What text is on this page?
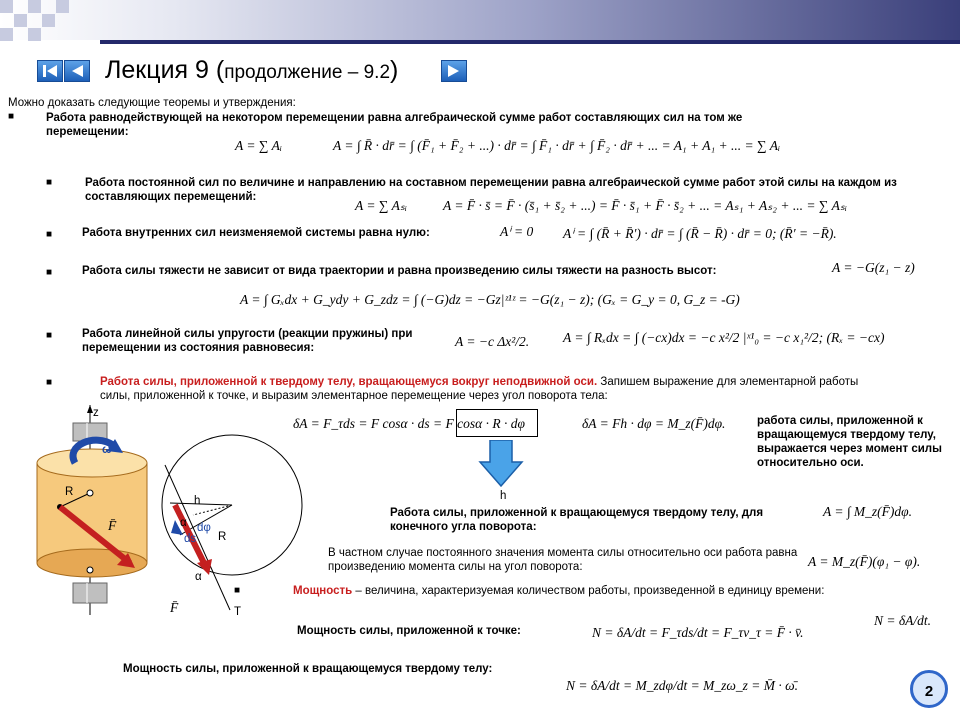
Лекция 9 (продолжение – 9.2)
Можно доказать следующие теоремы и утверждения:
■	Работа равнодействующей на некотором перемещении равна алгебраической сумме работ составляющих сил на том же перемещении:
A = ∑ Aᵢ	A = ∫ R̄ · dr̄ = ∫ (F̄₁ + F̄₂ + ...) · dr̄ = ∫ F̄₁ · dr̄ + ∫ F̄₂ · dr̄ + ... = A₁ + A₁ + ... = ∑ Aᵢ
■	Работа постоянной сил по величине и направлению на составном перемещении равна алгебраической сумме работ этой силы на каждом из составляющих перемещений:
A = ∑ Aₛᵢ	A = F̄ · s̄ = F̄ · (s̄₁ + s̄₂ + ...) = F̄ · s̄₁ + F̄ · s̄₂ + ... = Aₛ₁ + Aₛ₂ + ... = ∑ Aₛᵢ
■	Работа внутренних сил неизменяемой системы равна нулю:	Aⁱ = 0 Aⁱ = ∫ (R̄ + R̄′) · dr̄ = ∫ (R̄ − R̄) · dr̄ = 0; (R̄′ = −R̄).
■	Работа силы тяжести не зависит от вида траектории и равна произведению силы тяжести на разность высот:	A = −G(z₁ − z)
A = ∫ Gₓdx + G_ydy + G_zdz = ∫ (−G)dz = −Gz|ᶻ¹ᶻ = −G(z₁ − z); (Gₓ = G_y = 0, G_z = -G)
■	Работа линейной силы упругости (реакции пружины) при перемещении из состояния равновесия:	A = −c Δx²/2.	A = ∫ Rₓdx = ∫ (−cx)dx = −c x²/2 |ˣ¹₀ = −c x₁²/2; (Rₓ = −cx)
■	Работа силы, приложенной к твердому телу, вращающемуся вокруг неподвижной оси. Запишем выражение для элементарной работы силы, приложенной к точке, и выразим элементарное перемещение через угол поворота тела:
δA = F_τds = F cosα · ds = F cosα · R · dφ	δA = Fh · dφ = M_z(F̄)dφ.	работа силы, приложенной к вращающемуся твердому телу, выражается через момент силы относительно оси.
h
Работа силы, приложенной к вращающемуся твердому телу, для конечного угла поворота:
A = ∫ M_z(F̄)dφ.
В частном случае постоянного значения момента силы относительно оси работа равна произведению момента силы на угол поворота:	A = M_z(F̄)(φ₁ − φ).
■	Мощность – величина, характеризуемая количеством работы, произведенной в единицу времени:
N = δA/dt.
Мощность силы, приложенной к точке:	N = δA/dt = F_τds/dt = F_τv_τ = F̄ · v̄.
Мощность силы, приложенной к вращающемуся твердому телу:
N = δA/dt = M_zdφ/dt = M_zω_z = M̄ · ω̄.
z
ω
R
F̄
h
dφ
ds R
α
α
F̄	T
2
